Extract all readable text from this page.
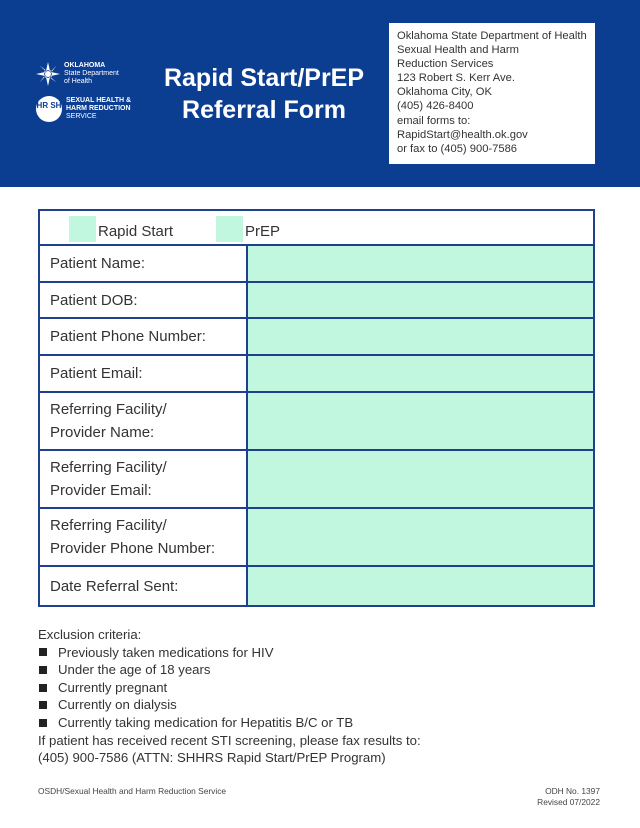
OKLAHOMA
State Department
of Health
HR SH
SEXUAL HEALTH &
HARM REDUCTION
SERVICE
Rapid Start/PrEP
Referral Form
Oklahoma State Department of Health
Sexual Health and Harm
Reduction Services
123 Robert S. Kerr Ave.
Oklahoma City, OK
(405) 426-8400
email forms to:
RapidStart@health.ok.gov
or fax to (405) 900-7586
Rapid Start	PrEP
Patient Name:
Patient DOB:
Patient Phone Number:
Patient Email:
Referring Facility/
Provider Name:
Referring Facility/
Provider Email:
Referring Facility/
Provider Phone Number:
Date Referral Sent:
Exclusion criteria:
Previously taken medications for HIV
Under the age of 18 years
Currently pregnant
Currently on dialysis
Currently taking medication for Hepatitis B/C or TB
If patient has received recent STI screening, please fax results to:
(405) 900-7586 (ATTN: SHHRS Rapid Start/PrEP Program)
OSDH/Sexual Health and Harm Reduction Service	ODH No. 1397
Revised 07/2022
